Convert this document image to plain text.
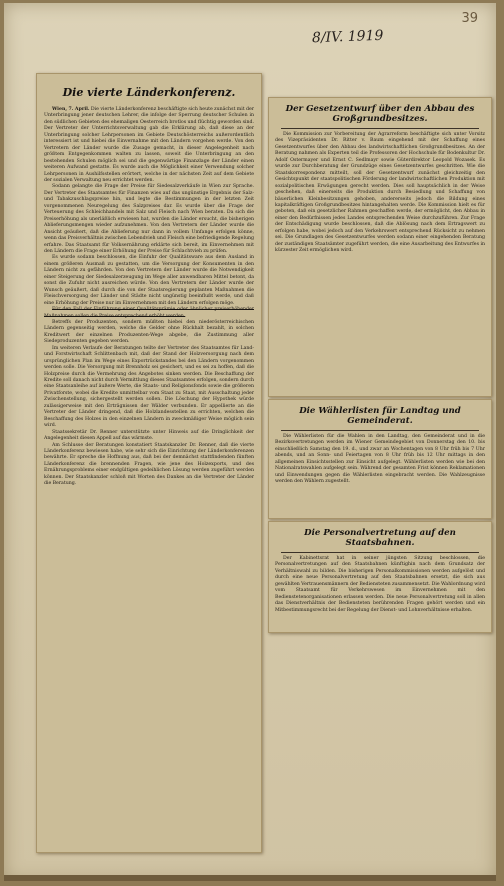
39
8/IV. 1919
Die vierte Länderkonferenz.

Wien, 7. April. Die vierte Länderkonferenz beschäftigte sich heute zunächst mit der Unterbringung jener deutschen Lehrer, die infolge der Sperrung deutscher Schulen in den südlichen Gebieten des ehemaligen Oesterreich brotlos und flüchtig geworden sind. Der Vertreter der Unterrichtsverwaltung gab die Erklärung ab, daß diese an der Unterbringung solcher Lehrpersonen im Gebiete Deutschösterreichs außerordentlich interessiert ist und hiebei die Einvernahme mit den Ländern vorgehen werde. Von den Vertretern der Länder wurde die Zusage gemacht, in dieser Angelegenheit nach größtem Entgegenkommen walten zu lassen, soweit die Unterbringung an den bestehenden Schulen möglich sei und die gegenwärtige Finanzlage der Länder einen weiteren Aufwand gestatte. Es wurde auch die Möglichkeit einer Verwendung solcher Lehrpersonen in Aushilfsstellen erörtert, welche in der nächsten Zeit auf dem Gebiete der sozialen Verwaltung neu errichtet werden.

Sodann gelangte die Frage der Preise für Siedesalzverkäufe in Wien zur Sprache. Der Vertreter des Staatsamtes für Finanzen wies auf das ungünstige Ergebnis der Salz- und Tabakzuschlagspreise hin, und legte die Bestimmungen in der letzten Zeit vorgenommenen Neuregelung des Salzpreises dar. Es wurde über die Frage der Verteuerung des Schleichhandels mit Salz und Fleisch nach Wien beraten. Da sich die Preiserhöhung als unerläßlich erwiesen hat, wurden die Länder ersucht, die bisherigen Ablieferungsmengen wieder aufzunehmen. Von den Vertretern der Länder wurde die Ansicht geäußert, daß die Ablieferung nur dann in vollem Umfange erfolgen könne, wenn das Preisverhältnis zwischen Lebendvieh und Fleisch eine befriedigende Regelung erfahre. Das Staatsamt für Volksernährung erklärte sich bereit, im Einvernehmen mit den Ländern die Frage einer Erhöhung der Preise für Schlachtvieh zu prüfen.

Es wurde sodann beschlossen, die Einfuhr der Qualitätsware aus dem Ausland in einem größeren Ausmaß zu gestatten, um die Versorgung der Konsumenten in den Ländern nicht zu gefährden. Von den Vertretern der Länder wurde die Notwendigkeit einer Steigerung der Siedesalzerzeugung im Wege aller anwendbaren Mittel betont, da sonst die Zufuhr nicht ausreichen würde. Von den Vertretern der Länder wurde der Wunsch geäußert, daß durch die von der Staatsregierung geplanten Maßnahmen die Fleischversorgung der Länder und Städte nicht ungünstig beeinflußt werde, und daß eine Erhöhung der Preise nur im Einvernehmen mit den Ländern erfolgen möge.

Für den Fall der Einführung einer Qualitätsprämie oder ähnlicher preiserhöhender Maßnahmen sollen die Preise entsprechend erhöht werden.

Betreffs der Produzenten, sondern müßten hiebei den niederösterreichischen Ländern gegenseitig werden, welche die Gelder ohne Rückhalt bezahlt, in solchen Kreditwert der einzelnen Produzenten-Wege abgebe, die Zustimmung aller Siedeproduzenten gegeben werden.

Im weiteren Verlaufe der Beratungen teilte der Vertreter des Staatsamtes für Land- und Forstwirtschaft Schlittenbach mit, daß der Stand der Holzversorgung nach dem ursprünglichen Plan im Wege eines Exportrückstandes bei den Ländern vorgenommen werden solle. Die Versorgung mit Brennholz sei gesichert, und es sei zu hoffen, daß die Holzpreise durch die Vermehrung des Angebotes sinken werden. Die Beschaffung der Kredite soll danach nicht durch Vermittlung dieses Staatsamtes erfolgen, sondern durch eine Staatsanleihe auf äußere Werte, die Staats- und Religionsfonds sowie die größeren Privatforste, wobei die Kredite unmittelbar vom Staat zu Staat, mit Ausschaltung jeder Zwischenstellung, sichergestellt werden sollen. Die Löschung der Hypothek würde zulässigerweise mit den Erträgnissen der Wälder verbunden. Er appellierte an die Vertreter der Länder dringend, daß die Holzlandesstellen zu errichten, welchen die Beschaffung des Holzes in den einzelnen Ländern in zweckmäßiger Weise möglich sein wird.

Staatssekretär Dr. Renner unterstützte unter Hinweis auf die Dringlichkeit der Angelegenheit diesen Appell auf das wärmste.

Am Schlusse der Beratungen konstatiert Staatskanzler Dr. Renner, daß die vierte Länderkonferenz bewiesen habe, wie sehr sich die Einrichtung der Länderkonferenzen bewährte. Er spreche die Hoffnung aus, daß bei der demnächst stattfindenden fünften Länderkonferenz die brennenden Fragen, wie jene des Holzexports, und des Ernährungsproblems einer endgültigen gedeihlichen Lösung werden zugeführt werden können. Der Staatskanzler schloß mit Worten des Dankes an die Vertreter der Länder die Beratung.

Der Gesetzentwurf über den Abbau des Großgrundbesitzes.

Die Kommission zur Vorbereitung der Agrarreform beschäftigte sich unter Vorsitz des Vizepräsidenten Dr. Ritter v. Baum eingehend mit der Schaffung eines Gesetzentwurfes über den Abbau des landwirtschaftlichen Großgrundbesitzes. An der Beratung nahmen als Experten teil die Professoren der Hochschule für Bodenkultur Dr. Adolf Ostermayer und Ernst C. Sedlmayr sowie Güterdirektor Leopold Wozasek. Es wurde zur Durchberatung der Grundzüge eines Gesetzentwurfes geschritten. Wie die Staatskorrespondenz mitteilt, soll der Gesetzentwurf zunächst gleichzeitig den Gesichtspunkt der staatspolitischen Förderung der landwirtschaftlichen Produktion mit sozialpolitischen Erwägungen gerecht werden. Dies soll hauptsächlich in der Weise geschehen, daß einerseits die Produktion durch Besiedlung und Schaffung von bäuerlichen Kleinbesitzungen gehoben, andererseits jedoch die Bildung eines kapitalkräftigen Großgrundbesitzes hintangehalten werde. Die Kommission hielt es für geboten, daß ein gesetzlicher Rahmen geschaffen werde, der ermöglicht, den Abbau in einer den Bedürfnissen jedes Landes entsprechenden Weise durchzuführen. Zur Frage der Entschädigung wurde beschlossen, daß die Ablösung nach dem Ertragswert zu erfolgen habe, wobei jedoch auf den Verkehrswert entsprechend Rücksicht zu nehmen sei. Die Grundlagen des Gesetzentwurfes werden sodann einer eingehenden Beratung der zuständigen Staatsämter zugeführt werden, die eine Ausarbeitung des Entwurfes in kürzester Zeit ermöglichen wird.

Die Wählerlisten für Landtag und Gemeinderat.

Die Wählerlisten für die Wahlen in den Landtag, den Gemeinderat und in die Bezirksvertretungen werden im Wiener Gemeindegebiet von Donnerstag den 10. bis einschließlich Samstag den 19. d., und zwar an Wochentagen von 8 Uhr früh bis 7 Uhr abends, und an Sonn- und Feiertagen von 8 Uhr früh bis 12 Uhr mittags in den allgemeinen Einsichtsstellen zur Einsicht aufgelegt. Wählerlisten werden wie bei den Nationalratswahlen aufgelegt sein. Während der gesamten Frist können Reklamationen und Einwendungen gegen die Wählerlisten eingebracht werden. Die Wahlzeugnisse werden den Wählern zugestellt.

Die Personalvertretung auf den Staatsbahnen.

Der Kabinettsrat hat in seiner jüngsten Sitzung beschlossen, die Personalvertretungen auf den Staatsbahnen künftighin nach dem Grundsatz der Verhältniswahl zu bilden. Die bisherigen Personalkommissionen werden aufgelöst und durch eine neue Personalvertretung auf den Staatsbahnen ersetzt, die sich aus gewählten Vertrauensmännern der Bediensteten zusammensetzt. Die Wahlordnung wird vom Staatsamt für Verkehrswesen im Einvernehmen mit den Bedienstetenorganisationen erlassen werden. Die neue Personalvertretung soll in allen das Dienstverhältnis der Bediensteten berührenden Fragen gehört werden und ein Mitbestimmungsrecht bei der Regelung der Dienst- und Lohnverhältnisse erhalten.
